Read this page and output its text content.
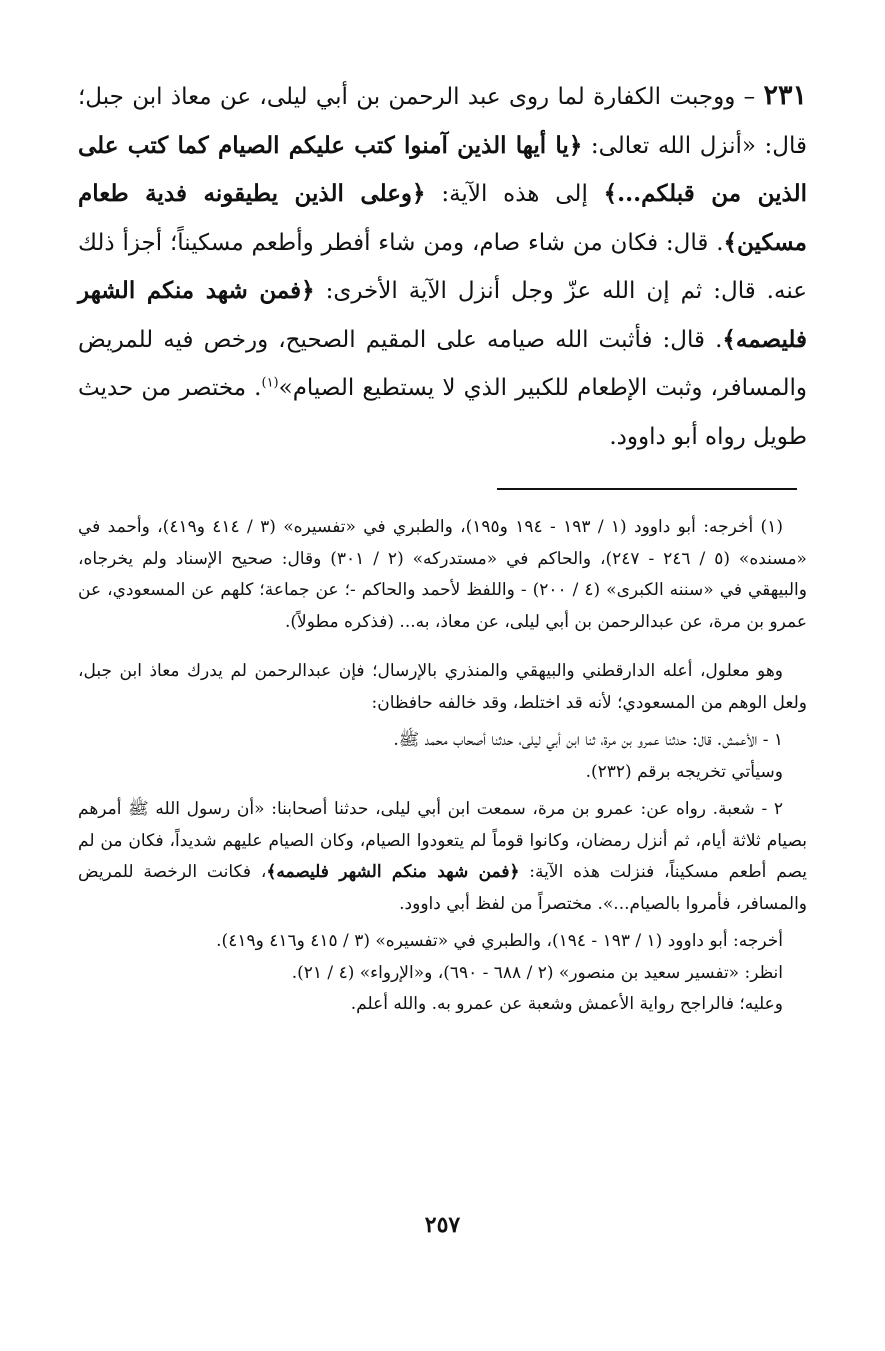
٢٣١ – ووجبت الكفارة لما روى عبد الرحمن بن أبي ليلى، عن معاذ ابن جبل؛ قال: «أنزل الله تعالى: ﴿يا أيها الذين آمنوا كتب عليكم الصيام كما كتب على الذين من قبلكم...﴾ إلى هذه الآية: ﴿وعلى الذين يطيقونه فدية طعام مسكين﴾. قال: فكان من شاء صام، ومن شاء أفطر وأطعم مسكيناً؛ أجزأ ذلك عنه. قال: ثم إن الله عزّ وجل أنزل الآية الأخرى: ﴿فمن شهد منكم الشهر فليصمه﴾. قال: فأثبت الله صيامه على المقيم الصحيح، ورخص فيه للمريض والمسافر، وثبت الإطعام للكبير الذي لا يستطيع الصيام»$^{(١)}$. مختصر من حديث طويل رواه أبو داوود.

(١) أخرجه: أبو داوود (١ / ١٩٣ - ١٩٤ و١٩٥)، والطبري في «تفسيره» (٣ / ٤١٤ و٤١٩)، وأحمد في «مسنده» (٥ / ٢٤٦ - ٢٤٧)، والحاكم في «مستدركه» (٢ / ٣٠١) وقال: صحيح الإسناد ولم يخرجاه، والبيهقي في «سننه الكبرى» (٤ / ٢٠٠) - واللفظ لأحمد والحاكم -؛ عن جماعة؛ كلهم عن المسعودي، عن عمرو بن مرة، عن عبدالرحمن بن أبي ليلى، عن معاذ، به... (فذكره مطولاً).

وهو معلول، أعله الدارقطني والبيهقي والمنذري بالإرسال؛ فإن عبدالرحمن لم يدرك معاذ ابن جبل، ولعل الوهم من المسعودي؛ لأنه قد اختلط، وقد خالفه حافظان:

١ - الأعمش. قال: حدثنا عمرو بن مرة، ثنا ابن أبي ليلى، حدثنا أصحاب محمد ﷺ.

وسيأتي تخريجه برقم (٢٣٢).

٢ - شعبة. رواه عن: عمرو بن مرة، سمعت ابن أبي ليلى، حدثنا أصحابنا: «أن رسول الله ﷺ أمرهم بصيام ثلاثة أيام، ثم أنزل رمضان، وكانوا قوماً لم يتعودوا الصيام، وكان الصيام عليهم شديداً، فكان من لم يصم أطعم مسكيناً، فنزلت هذه الآية: ﴿فمن شهد منكم الشهر فليصمه﴾، فكانت الرخصة للمريض والمسافر، فأمروا بالصيام...». مختصراً من لفظ أبي داوود.

أخرجه: أبو داوود (١ / ١٩٣ - ١٩٤)، والطبري في «تفسيره» (٣ / ٤١٥ و٤١٦ و٤١٩).

انظر: «تفسير سعيد بن منصور» (٢ / ٦٨٨ - ٦٩٠)، و«الإرواء» (٤ / ٢١).

وعليه؛ فالراجح رواية الأعمش وشعبة عن عمرو به. والله أعلم.

٢٥٧
